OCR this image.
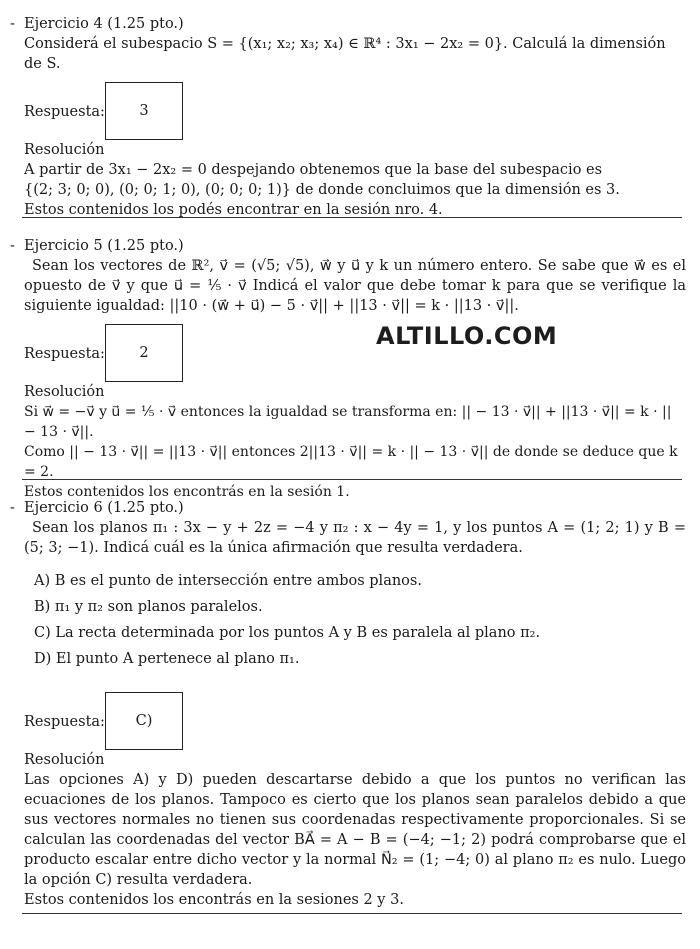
- Ejercicio 4 (1.25 pto.)
Considerá el subespacio S = {(x₁; x₂; x₃; x₄) ∈ ℝ⁴ : 3x₁ − 2x₂ = 0}. Calculá la dimensión de S.
Respuesta:	3
Resolución
A partir de 3x₁ − 2x₂ = 0 despejando obtenemos que la base del subespacio es
{(2; 3; 0; 0), (0; 0; 1; 0), (0; 0; 0; 1)} de donde concluimos que la dimensión es 3.
Estos contenidos los podés encontrar en la sesión nro. 4.
- Ejercicio 5 (1.25 pto.)
Sean los vectores de ℝ², v⃗ = (√5; √5), w⃗ y u⃗ y k un número entero. Se sabe que w⃗ es el opuesto de v⃗ y que u⃗ = ⅕ · v⃗ Indicá el valor que debe tomar k para que se verifique la siguiente igualdad: ||10 · (w⃗ + u⃗) − 5 · v⃗|| + ||13 · v⃗|| = k · ||13 · v⃗||.
Respuesta:	2
Resolución
Si w⃗ = −v⃗ y u⃗ = ⅕ · v⃗ entonces la igualdad se transforma en: || − 13 · v⃗|| + ||13 · v⃗|| = k · || − 13 · v⃗||.
Como || − 13 · v⃗|| = ||13 · v⃗|| entonces 2||13 · v⃗|| = k · || − 13 · v⃗|| de donde se deduce que k = 2.
Estos contenidos los encontrás en la sesión 1.
ALTILLO.COM
- Ejercicio 6 (1.25 pto.)
Sean los planos π₁ : 3x − y + 2z = −4 y π₂ : x − 4y = 1, y los puntos A = (1; 2; 1) y B = (5; 3; −1). Indicá cuál es la única afirmación que resulta verdadera.
A) B es el punto de intersección entre ambos planos.
B) π₁ y π₂ son planos paralelos.
C) La recta determinada por los puntos A y B es paralela al plano π₂.
D) El punto A pertenece al plano π₁.
Respuesta:	C)
Resolución
Las opciones A) y D) pueden descartarse debido a que los puntos no verifican las ecuaciones de los planos. Tampoco es cierto que los planos sean paralelos debido a que sus vectores normales no tienen sus coordenadas respectivamente proporcionales. Si se calculan las coordenadas del vector BA⃗ = A − B = (−4; −1; 2) podrá comprobarse que el producto escalar entre dicho vector y la normal N⃗₂ = (1; −4; 0) al plano π₂ es nulo. Luego la opción C) resulta verdadera.
Estos contenidos los encontrás en la sesiones 2 y 3.
